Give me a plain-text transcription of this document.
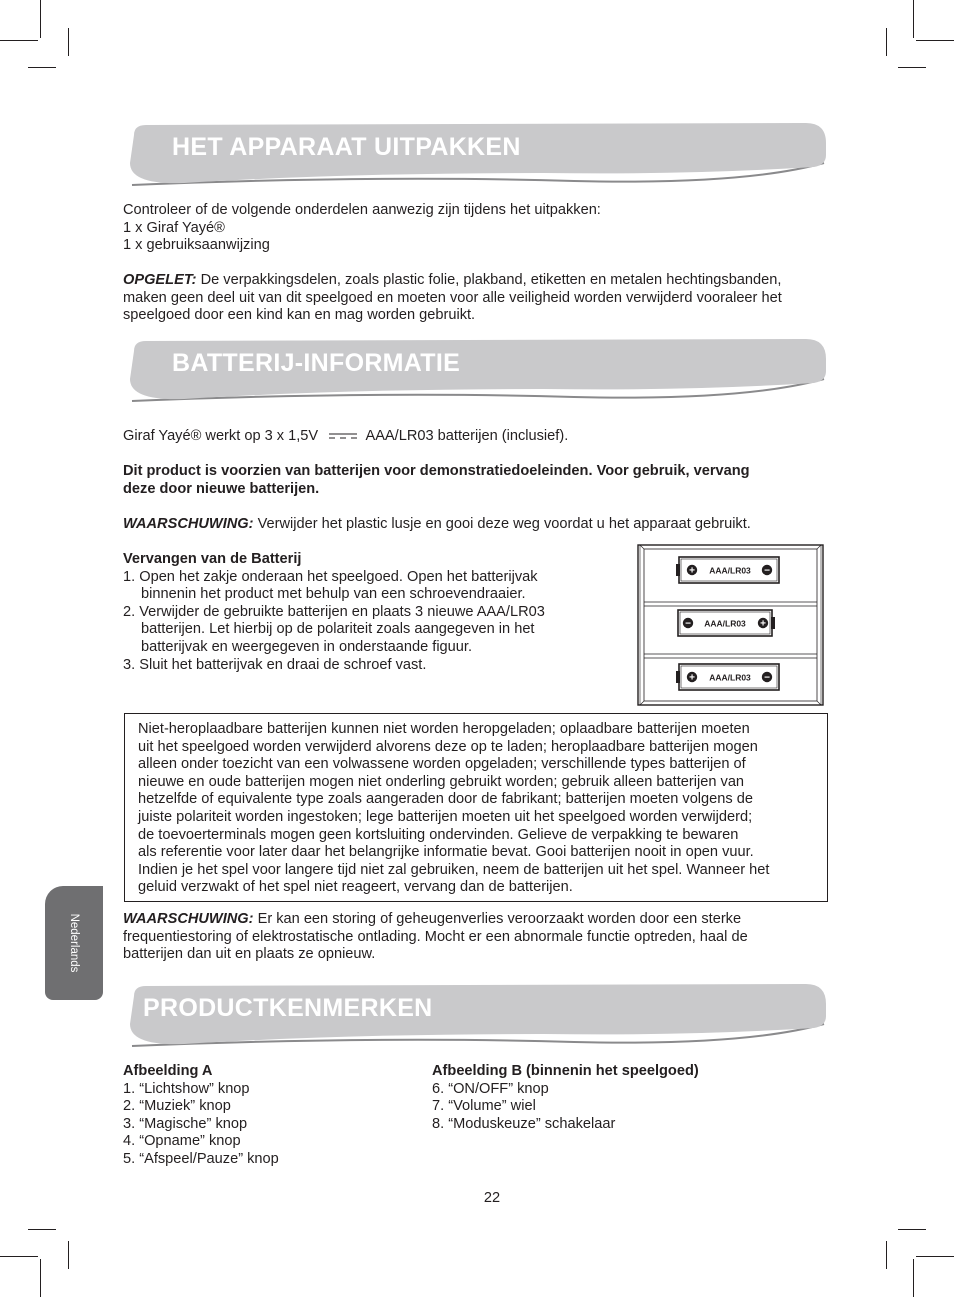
HET APPARAAT UITPAKKEN

Controleer of de volgende onderdelen aanwezig zijn tijdens het uitpakken:

1 x Giraf Yayé®

1 x gebruiksaanwijzing

OPGELET: De verpakkingsdelen, zoals plastic folie, plakband, etiketten en metalen hechtingsbanden,

maken geen deel uit van dit speelgoed en moeten voor alle veiligheid worden verwijderd vooraleer het

speelgoed door een kind kan en mag worden gebruikt.

BATTERIJ-INFORMATIE
Giraf Yayé® werkt op 3 x 1,5V	AAA/LR03 batterijen (inclusief).

Dit product is voorzien van batterijen voor demonstratiedoeleinden. Voor gebruik, vervang

deze door nieuwe batterijen.

WAARSCHUWING: Verwijder het plastic lusje en gooi deze weg voordat u het apparaat gebruikt.

Vervangen van de Batterij

1. Open het zakje onderaan het speelgoed. Open het batterijvak

binnenin het product met behulp van een schroevendraaier.

2. Verwijder de gebruikte batterijen en plaats 3 nieuwe AAA/LR03

batterijen. Let hierbij op de polariteit zoals aangegeven in het

batterijvak en weergegeven in onderstaande figuur.

3. Sluit het batterijvak en draai de schroef vast.

+	−
AAA/LR03
−	+
AAA/LR03
+	−
AAA/LR03

Niet-heroplaadbare batterijen kunnen niet worden heropgeladen; oplaadbare batterijen moeten

uit het speelgoed worden verwijderd alvorens deze op te laden; heroplaadbare batterijen mogen

alleen onder toezicht van een volwassene worden opgeladen; verschillende types batterijen of

nieuwe en oude batterijen mogen niet onderling gebruikt worden; gebruik alleen batterijen van

hetzelfde of equivalente type zoals aangeraden door de fabrikant; batterijen moeten volgens de

juiste polariteit worden ingestoken; lege batterijen moeten uit het speelgoed worden verwijderd;

de toevoerterminals mogen geen kortsluiting ondervinden. Gelieve de verpakking te bewaren

als referentie voor later daar het belangrijke informatie bevat. Gooi batterijen nooit in open vuur.

Indien je het spel voor langere tijd niet zal gebruiken, neem de batterijen uit het spel. Wanneer het

geluid verzwakt of het spel niet reageert, vervang dan de batterijen.

Nederlands	WAARSCHUWING: Er kan een storing of geheugenverlies veroorzaakt worden door een sterke

frequentiestoring of elektrostatische ontlading. Mocht er een abnormale functie optreden, haal de

batterijen dan uit en plaats ze opnieuw.

PRODUCTKENMERKEN

Afbeelding A

1. “Lichtshow” knop

2. “Muziek” knop

3. “Magische” knop

4. “Opname” knop

5. “Afspeel/Pauze” knop

Afbeelding B (binnenin het speelgoed)

6. “ON/OFF” knop

7. “Volume” wiel

8. “Moduskeuze” schakelaar

22
